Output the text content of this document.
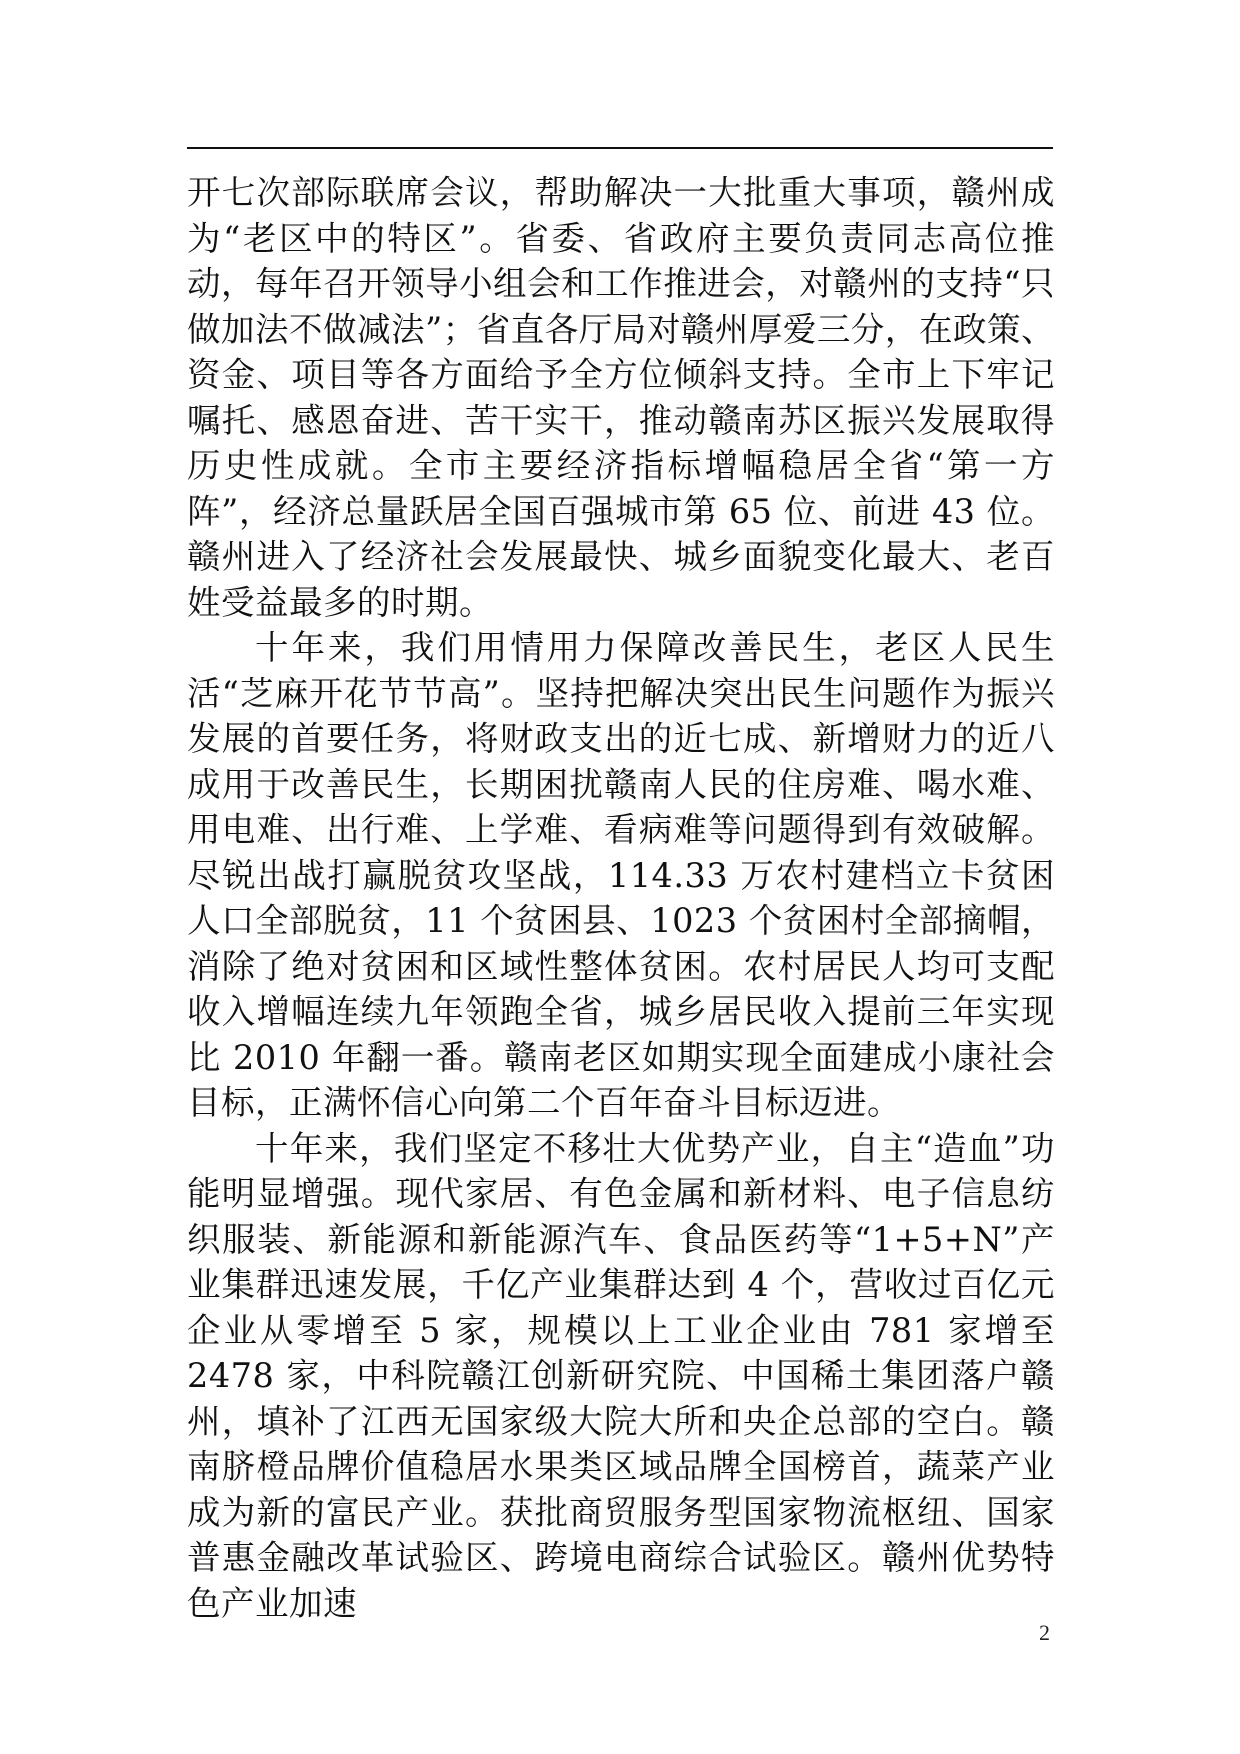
开七次部际联席会议，帮助解决一大批重大事项，赣州成为“老区中的特区”。省委、省政府主要负责同志高位推动，每年召开领导小组会和工作推进会，对赣州的支持“只做加法不做减法”；省直各厅局对赣州厚爱三分，在政策、资金、项目等各方面给予全方位倾斜支持。全市上下牢记嘱托、感恩奋进、苦干实干，推动赣南苏区振兴发展取得历史性成就。全市主要经济指标增幅稳居全省“第一方阵”，经济总量跃居全国百强城市第 65 位、前进 43 位。赣州进入了经济社会发展最快、城乡面貌变化最大、老百姓受益最多的时期。

十年来，我们用情用力保障改善民生，老区人民生活“芝麻开花节节高”。坚持把解决突出民生问题作为振兴发展的首要任务，将财政支出的近七成、新增财力的近八成用于改善民生，长期困扰赣南人民的住房难、喝水难、用电难、出行难、上学难、看病难等问题得到有效破解。尽锐出战打赢脱贫攻坚战，114.33 万农村建档立卡贫困人口全部脱贫，11 个贫困县、1023 个贫困村全部摘帽，消除了绝对贫困和区域性整体贫困。农村居民人均可支配收入增幅连续九年领跑全省，城乡居民收入提前三年实现比 2010 年翻一番。赣南老区如期实现全面建成小康社会目标，正满怀信心向第二个百年奋斗目标迈进。

十年来，我们坚定不移壮大优势产业，自主“造血”功能明显增强。现代家居、有色金属和新材料、电子信息纺织服装、新能源和新能源汽车、食品医药等“1+5+N”产业集群迅速发展，千亿产业集群达到 4 个，营收过百亿元企业从零增至 5 家，规模以上工业企业由 781 家增至 2478 家，中科院赣江创新研究院、中国稀土集团落户赣州，填补了江西无国家级大院大所和央企总部的空白。赣南脐橙品牌价值稳居水果类区域品牌全国榜首，蔬菜产业成为新的富民产业。获批商贸服务型国家物流枢纽、国家普惠金融改革试验区、跨境电商综合试验区。赣州优势特色产业加速

2
